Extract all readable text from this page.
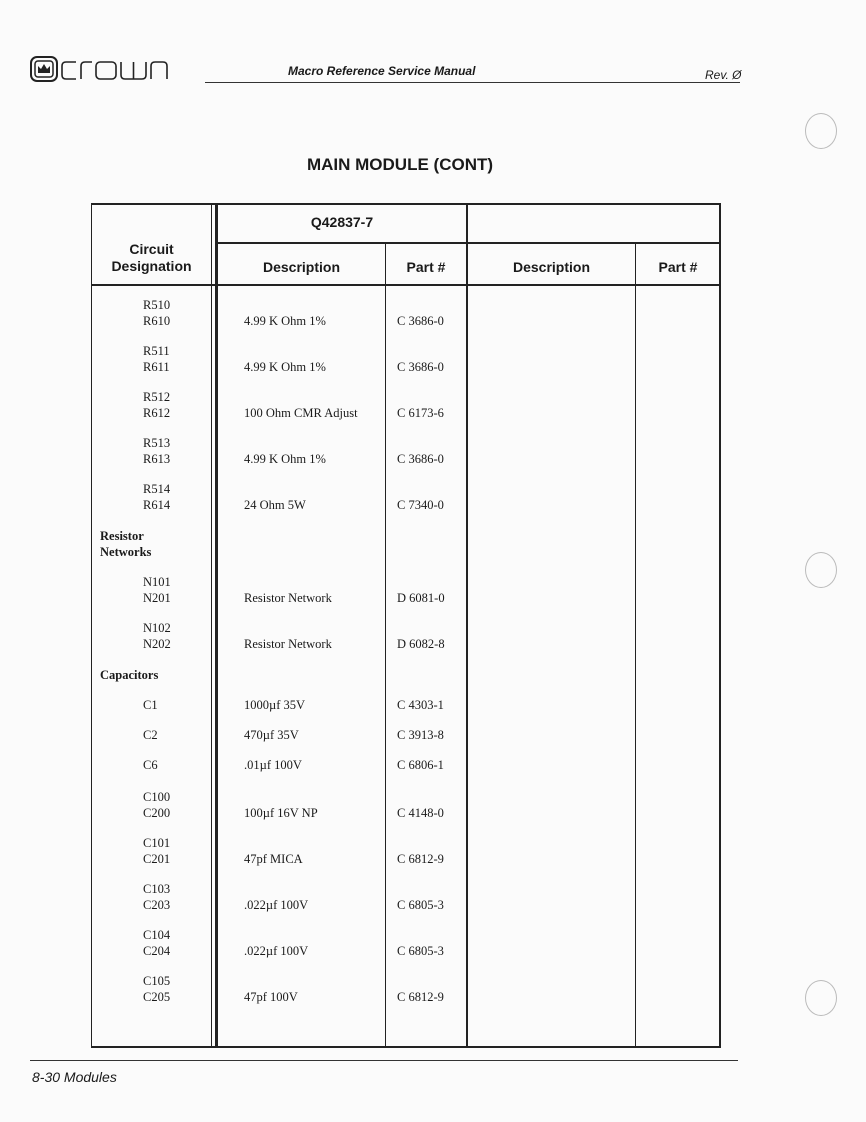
Macro Reference Service Manual	Rev. Ø
MAIN MODULE (CONT)
Circuit
Designation
Q42837-7
Description	Part #	Description	Part #
R510
R610	4.99 K Ohm 1%	C 3686-0
R511
R611	4.99 K Ohm 1%	C 3686-0
R512
R612	100 Ohm CMR Adjust	C 6173-6
R513
R613	4.99 K Ohm 1%	C 3686-0
R514
R614	24 Ohm 5W	C 7340-0
Resistor
Networks
N101
N201	Resistor Network	D 6081-0
N102
N202	Resistor Network	D 6082-8
Capacitors
C1	1000µf 35V	C 4303-1
C2	470µf 35V	C 3913-8
C6	.01µf 100V	C 6806-1
C100
C200	100µf 16V NP	C 4148-0
C101
C201	47pf MICA	C 6812-9
C103
C203	.022µf 100V	C 6805-3
C104
C204	.022µf 100V	C 6805-3
C105
C205	47pf 100V	C 6812-9
8-30 Modules
